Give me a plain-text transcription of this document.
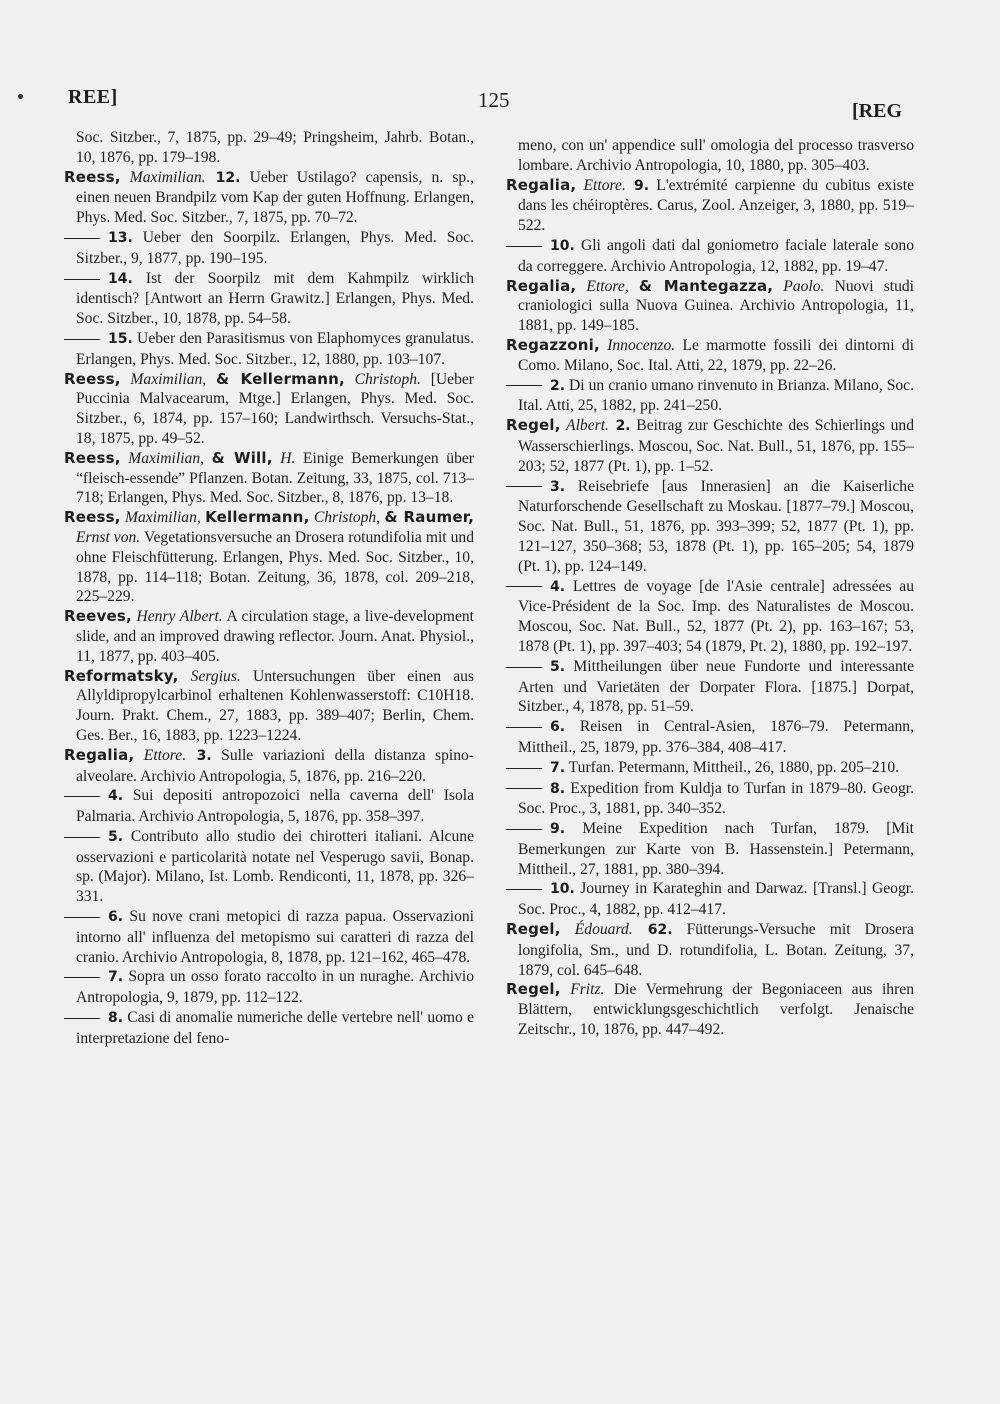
REE]	125	[REG

Soc. Sitzber., 7, 1875, pp. 29–49; Pringsheim, Jahrb. Botan., 10, 1876, pp. 179–198.

Reess, Maximilian. 12. Ueber Ustilago? capensis, n. sp., einen neuen Brandpilz vom Kap der guten Hoffnung. Erlangen, Phys. Med. Soc. Sitzber., 7, 1875, pp. 70–72.

13. Ueber den Soorpilz. Erlangen, Phys. Med. Soc. Sitzber., 9, 1877, pp. 190–195.

14. Ist der Soorpilz mit dem Kahmpilz wirklich identisch? [Antwort an Herrn Grawitz.] Erlangen, Phys. Med. Soc. Sitzber., 10, 1878, pp. 54–58.

15. Ueber den Parasitismus von Elaphomyces granulatus. Erlangen, Phys. Med. Soc. Sitzber., 12, 1880, pp. 103–107.

Reess, Maximilian, & Kellermann, Christoph. [Ueber Puccinia Malvacearum, Mtge.] Erlangen, Phys. Med. Soc. Sitzber., 6, 1874, pp. 157–160; Landwirthsch. Versuchs-Stat., 18, 1875, pp. 49–52.

Reess, Maximilian, & Will, H. Einige Bemerkungen über “fleisch-essende” Pflanzen. Botan. Zeitung, 33, 1875, col. 713–718; Erlangen, Phys. Med. Soc. Sitzber., 8, 1876, pp. 13–18.

Reess, Maximilian, Kellermann, Christoph, & Raumer, Ernst von. Vegetationsversuche an Drosera rotundifolia mit und ohne Fleischfütterung. Erlangen, Phys. Med. Soc. Sitzber., 10, 1878, pp. 114–118; Botan. Zeitung, 36, 1878, col. 209–218, 225–229.

Reeves, Henry Albert. A circulation stage, a live-development slide, and an improved drawing reflector. Journ. Anat. Physiol., 11, 1877, pp. 403–405.

Reformatsky, Sergius. Untersuchungen über einen aus Allyldipropylcarbinol erhaltenen Kohlenwasserstoff: C10H18. Journ. Prakt. Chem., 27, 1883, pp. 389–407; Berlin, Chem. Ges. Ber., 16, 1883, pp. 1223–1224.

Regalia, Ettore. 3. Sulle variazioni della distanza spino-alveolare. Archivio Antropologia, 5, 1876, pp. 216–220.

4. Sui depositi antropozoici nella caverna dell' Isola Palmaria. Archivio Antropologia, 5, 1876, pp. 358–397.

5. Contributo allo studio dei chirotteri italiani. Alcune osservazioni e particolarità notate nel Vesperugo savii, Bonap. sp. (Major). Milano, Ist. Lomb. Rendiconti, 11, 1878, pp. 326–331.

6. Su nove crani metopici di razza papua. Osservazioni intorno all' influenza del metopismo sui caratteri di razza del cranio. Archivio Antropologia, 8, 1878, pp. 121–162, 465–478.

7. Sopra un osso forato raccolto in un nuraghe. Archivio Antropologia, 9, 1879, pp. 112–122.

8. Casi di anomalie numeriche delle vertebre nell' uomo e interpretazione del feno-

meno, con un' appendice sull' omologia del processo trasverso lombare. Archivio Antropologia, 10, 1880, pp. 305–403.

Regalia, Ettore. 9. L'extrémité carpienne du cubitus existe dans les chéiroptères. Carus, Zool. Anzeiger, 3, 1880, pp. 519–522.

10. Gli angoli dati dal goniometro faciale laterale sono da correggere. Archivio Antropologia, 12, 1882, pp. 19–47.

Regalia, Ettore, & Mantegazza, Paolo. Nuovi studi craniologici sulla Nuova Guinea. Archivio Antropologia, 11, 1881, pp. 149–185.

Regazzoni, Innocenzo. Le marmotte fossili dei dintorni di Como. Milano, Soc. Ital. Atti, 22, 1879, pp. 22–26.

2. Di un cranio umano rinvenuto in Brianza. Milano, Soc. Ital. Atti, 25, 1882, pp. 241–250.

Regel, Albert. 2. Beitrag zur Geschichte des Schierlings und Wasserschierlings. Moscou, Soc. Nat. Bull., 51, 1876, pp. 155–203; 52, 1877 (Pt. 1), pp. 1–52.

3. Reisebriefe [aus Innerasien] an die Kaiserliche Naturforschende Gesellschaft zu Moskau. [1877–79.] Moscou, Soc. Nat. Bull., 51, 1876, pp. 393–399; 52, 1877 (Pt. 1), pp. 121–127, 350–368; 53, 1878 (Pt. 1), pp. 165–205; 54, 1879 (Pt. 1), pp. 124–149.

4. Lettres de voyage [de l'Asie centrale] adressées au Vice-Président de la Soc. Imp. des Naturalistes de Moscou. Moscou, Soc. Nat. Bull., 52, 1877 (Pt. 2), pp. 163–167; 53, 1878 (Pt. 1), pp. 397–403; 54 (1879, Pt. 2), 1880, pp. 192–197.

5. Mittheilungen über neue Fundorte und interessante Arten und Varietäten der Dorpater Flora. [1875.] Dorpat, Sitzber., 4, 1878, pp. 51–59.

6. Reisen in Central-Asien, 1876–79. Petermann, Mittheil., 25, 1879, pp. 376–384, 408–417.

7. Turfan. Petermann, Mittheil., 26, 1880, pp. 205–210.

8. Expedition from Kuldja to Turfan in 1879–80. Geogr. Soc. Proc., 3, 1881, pp. 340–352.

9. Meine Expedition nach Turfan, 1879. [Mit Bemerkungen zur Karte von B. Hassenstein.] Petermann, Mittheil., 27, 1881, pp. 380–394.

10. Journey in Karateghin and Darwaz. [Transl.] Geogr. Soc. Proc., 4, 1882, pp. 412–417.

Regel, Édouard. 62. Fütterungs-Versuche mit Drosera longifolia, Sm., und D. rotundifolia, L. Botan. Zeitung, 37, 1879, col. 645–648.

Regel, Fritz. Die Vermehrung der Begoniaceen aus ihren Blättern, entwicklungsgeschichtlich verfolgt. Jenaische Zeitschr., 10, 1876, pp. 447–492.
